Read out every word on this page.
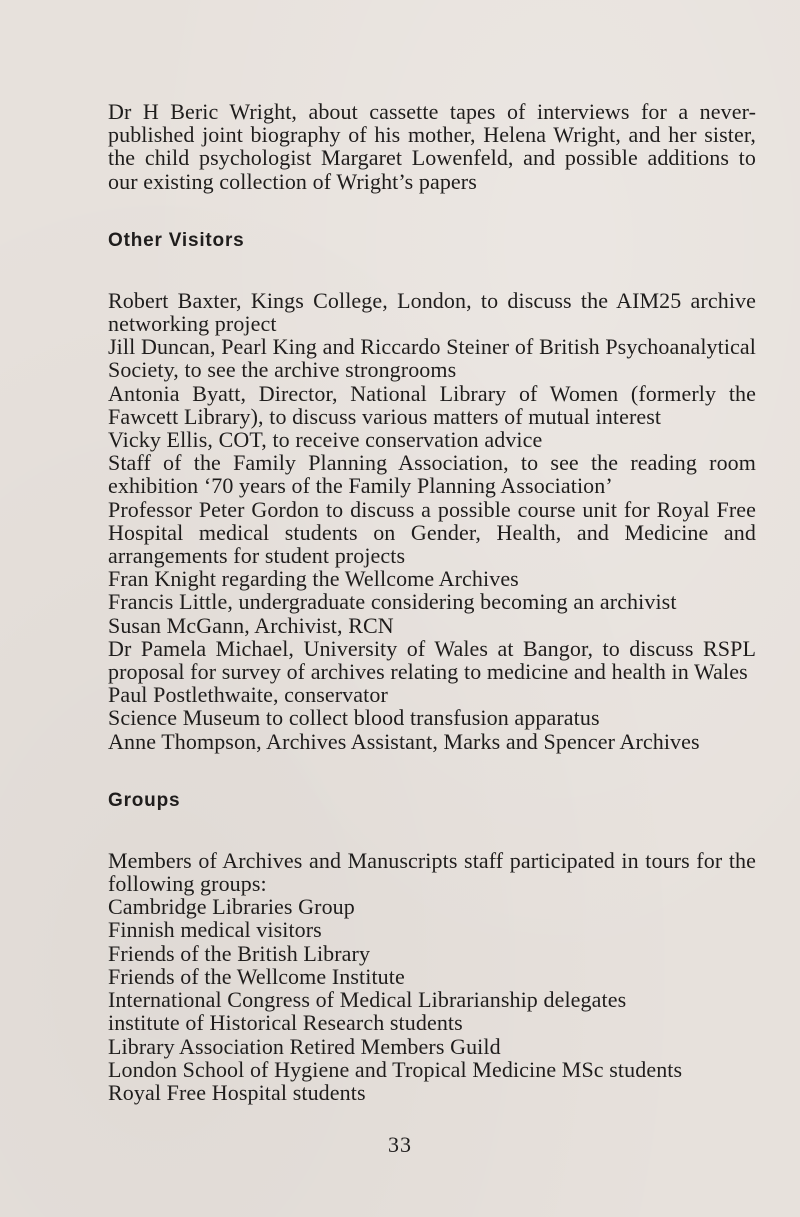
Dr H Beric Wright, about cassette tapes of interviews for a never-published joint biography of his mother, Helena Wright, and her sister, the child psychologist Margaret Lowenfeld, and possible additions to our existing collection of Wright’s papers

Other Visitors
Robert Baxter, Kings College, London, to discuss the AIM25 archive networking project
Jill Duncan, Pearl King and Riccardo Steiner of British Psychoanalytical Society, to see the archive strongrooms
Antonia Byatt, Director, National Library of Women (formerly the Fawcett Library), to discuss various matters of mutual interest
Vicky Ellis, COT, to receive conservation advice
Staff of the Family Planning Association, to see the reading room exhibition ‘70 years of the Family Planning Association’
Professor Peter Gordon to discuss a possible course unit for Royal Free Hospital medical students on Gender, Health, and Medicine and arrangements for student projects
Fran Knight regarding the Wellcome Archives
Francis Little, undergraduate considering becoming an archivist
Susan McGann, Archivist, RCN
Dr Pamela Michael, University of Wales at Bangor, to discuss RSPL proposal for survey of archives relating to medicine and health in Wales
Paul Postlethwaite, conservator
Science Museum to collect blood transfusion apparatus
Anne Thompson, Archives Assistant, Marks and Spencer Archives
Groups

Members of Archives and Manuscripts staff participated in tours for the following groups:

Cambridge Libraries Group
Finnish medical visitors
Friends of the British Library
Friends of the Wellcome Institute
International Congress of Medical Librarianship delegates
institute of Historical Research students
Library Association Retired Members Guild
London School of Hygiene and Tropical Medicine MSc students
Royal Free Hospital students
33
